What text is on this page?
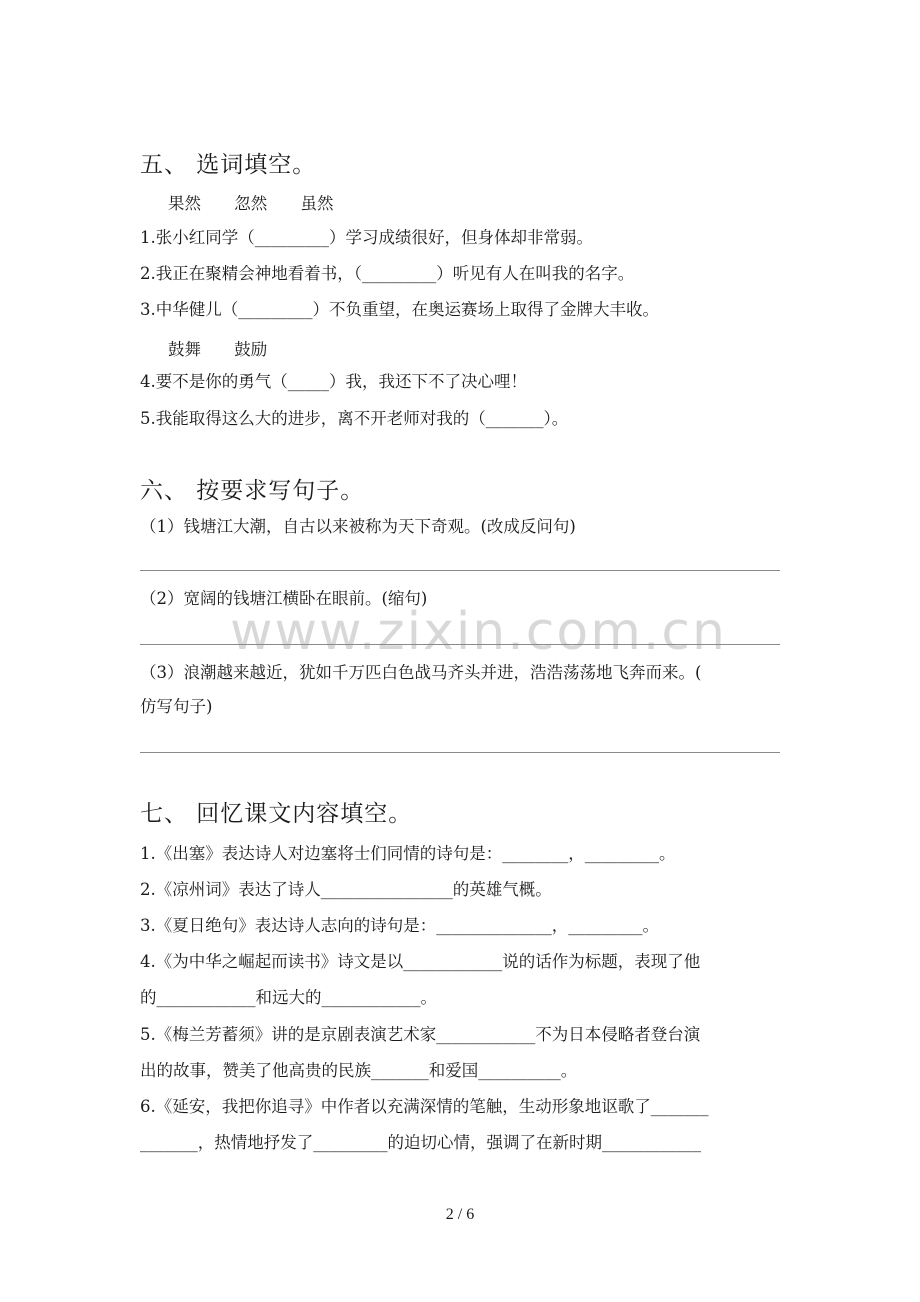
www.zixin.com.cn
五、 选词填空。
果然 忽然 虽然
1.张小红同学（_________）学习成绩很好，但身体却非常弱。
2.我正在聚精会神地看着书，（_________）听见有人在叫我的名字。
3.中华健儿（_________）不负重望，在奥运赛场上取得了金牌大丰收。
鼓舞 鼓励
4.要不是你的勇气（_____）我，我还下不了决心哩！
5.我能取得这么大的进步，离不开老师对我的（_______）。
六、 按要求写句子。
（1）钱塘江大潮，自古以来被称为天下奇观。(改成反问句)
（2）宽阔的钱塘江横卧在眼前。(缩句)
（3）浪潮越来越近，犹如千万匹白色战马齐头并进，浩浩荡荡地飞奔而来。(
仿写句子)
七、 回忆课文内容填空。
1.《出塞》表达诗人对边塞将士们同情的诗句是：________，_________。
2.《凉州词》表达了诗人________________的英雄气概。
3.《夏日绝句》表达诗人志向的诗句是：______________，_________。
4.《为中华之崛起而读书》诗文是以____________说的话作为标题，表现了他
的____________和远大的____________。
5.《梅兰芳蓄须》讲的是京剧表演艺术家____________不为日本侵略者登台演
出的故事，赞美了他高贵的民族_______和爱国__________。
6.《延安，我把你追寻》中作者以充满深情的笔触，生动形象地讴歌了_______
_______，热情地抒发了_________的迫切心情，强调了在新时期____________
2 / 6
